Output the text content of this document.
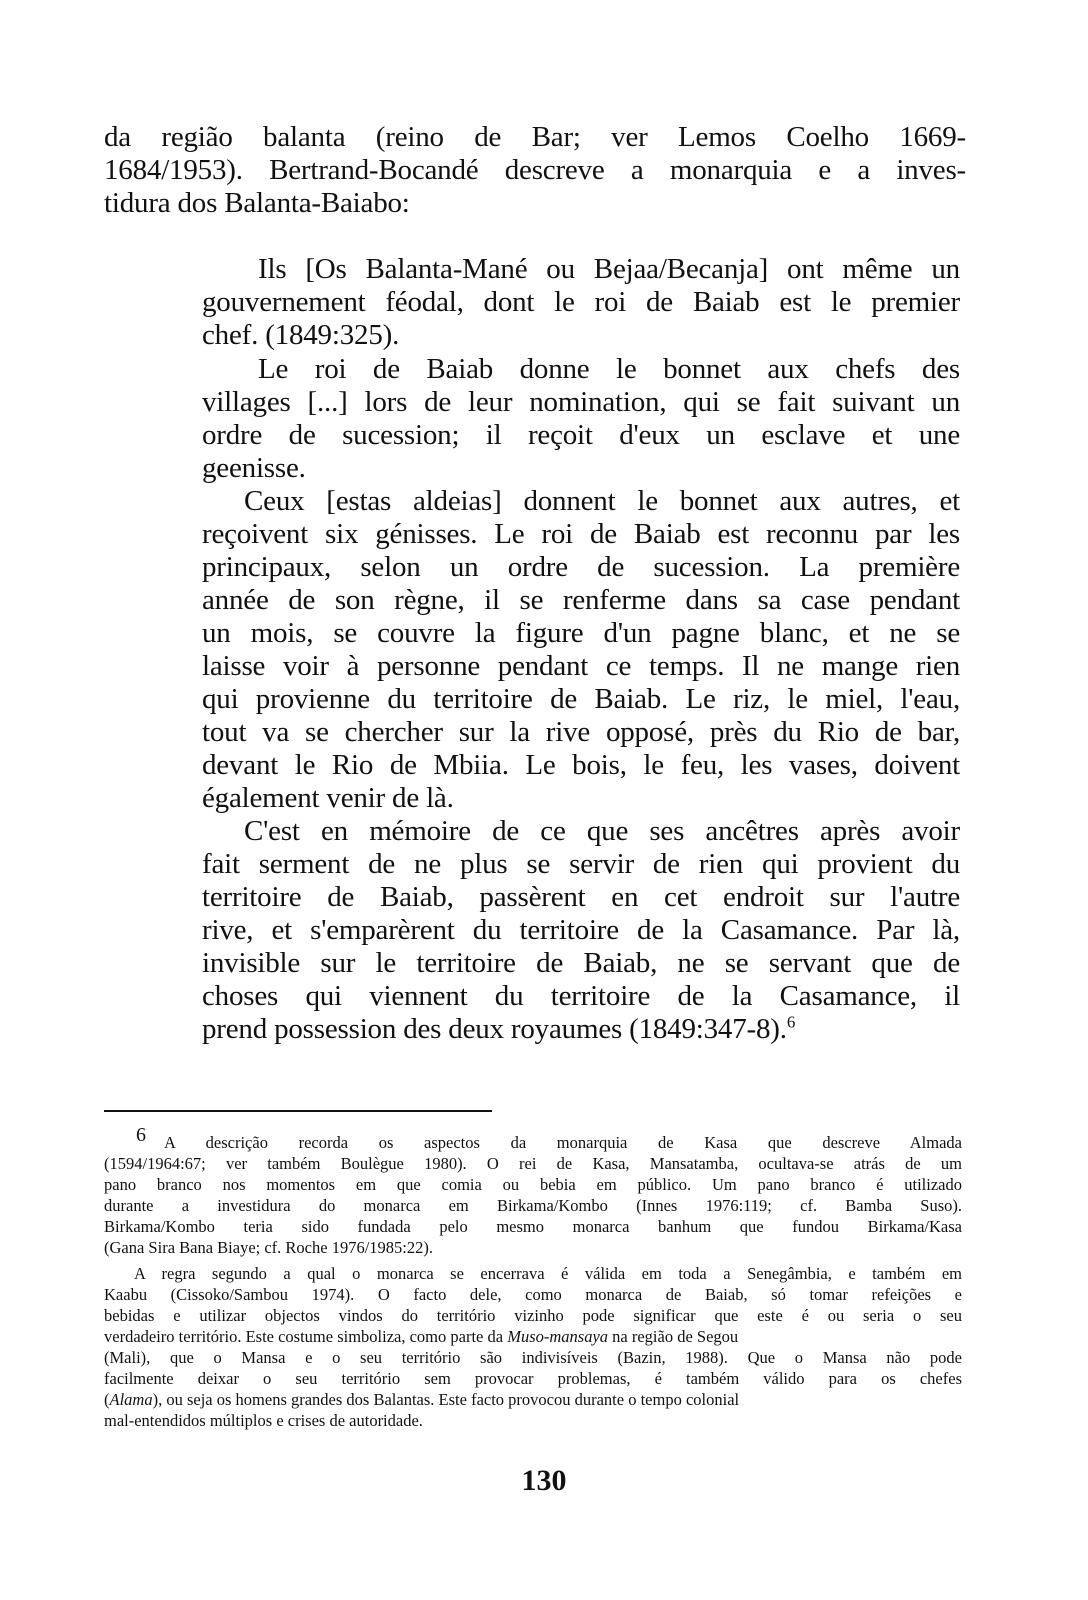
da região balanta (reino de Bar; ver Lemos Coelho 1669-
1684/1953). Bertrand-Bocandé descreve a monarquia e a inves-
tidura dos Balanta-Baiabo:
Ils [Os Balanta-Mané ou Bejaa/Becanja] ont même un
gouvernement féodal, dont le roi de Baiab est le premier
chef. (1849:325).
Le roi de Baiab donne le bonnet aux chefs des
villages [...] lors de leur nomination, qui se fait suivant un
ordre de sucession; il reçoit d'eux un esclave et une
geenisse.
Ceux [estas aldeias] donnent le bonnet aux autres, et
reçoivent six génisses. Le roi de Baiab est reconnu par les
principaux, selon un ordre de sucession. La première
année de son règne, il se renferme dans sa case pendant
un mois, se couvre la figure d'un pagne blanc, et ne se
laisse voir à personne pendant ce temps. Il ne mange rien
qui provienne du territoire de Baiab. Le riz, le miel, l'eau,
tout va se chercher sur la rive opposé, près du Rio de bar,
devant le Rio de Mbiia. Le bois, le feu, les vases, doivent
également venir de là.
C'est en mémoire de ce que ses ancêtres après avoir
fait serment de ne plus se servir de rien qui provient du
territoire de Baiab, passèrent en cet endroit sur l'autre
rive, et s'emparèrent du territoire de la Casamance. Par là,
invisible sur le territoire de Baiab, ne se servant que de
choses qui viennent du territoire de la Casamance, il
prend possession des deux royaumes (1849:347-8).$^6$
6 A descrição recorda os aspectos da monarquia de Kasa que descreve Almada
(1594/1964:67; ver também Boulègue 1980). O rei de Kasa, Mansatamba, ocultava-se atrás de um
pano branco nos momentos em que comia ou bebia em público. Um pano branco é utilizado
durante a investidura do monarca em Birkama/Kombo (Innes 1976:119; cf. Bamba Suso).
Birkama/Kombo teria sido fundada pelo mesmo monarca banhum que fundou Birkama/Kasa
(Gana Sira Bana Biaye; cf. Roche 1976/1985:22).
A regra segundo a qual o monarca se encerrava é válida em toda a Senegâmbia, e também em
Kaabu (Cissoko/Sambou 1974). O facto dele, como monarca de Baiab, só tomar refeições e
bebidas e utilizar objectos vindos do território vizinho pode significar que este é ou seria o seu
verdadeiro território. Este costume simboliza, como parte da Muso-mansaya na região de Segou
(Mali), que o Mansa e o seu território são indivisíveis (Bazin, 1988). Que o Mansa não pode
facilmente deixar o seu território sem provocar problemas, é também válido para os chefes
(Alama), ou seja os homens grandes dos Balantas. Este facto provocou durante o tempo colonial
mal-entendidos múltiplos e crises de autoridade.
130
